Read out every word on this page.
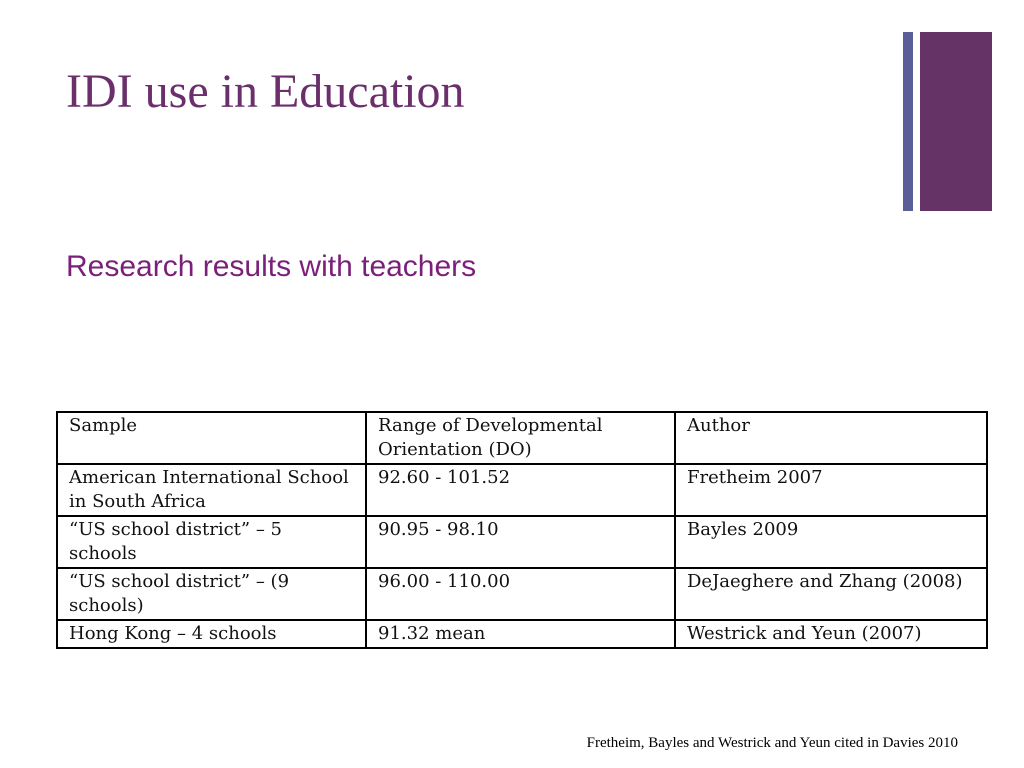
IDI use in Education
Research results with teachers
Sample	Range of Developmental Orientation (DO)	Author
American International School in South Africa	92.60 - 101.52	Fretheim 2007
“US school district” – 5 schools	90.95 - 98.10	Bayles 2009
“US school district” – (9 schools)	96.00 - 110.00	DeJaeghere and Zhang (2008)
Hong Kong – 4 schools	91.32 mean	Westrick and Yeun (2007)
Fretheim, Bayles and Westrick and Yeun cited in Davies 2010
